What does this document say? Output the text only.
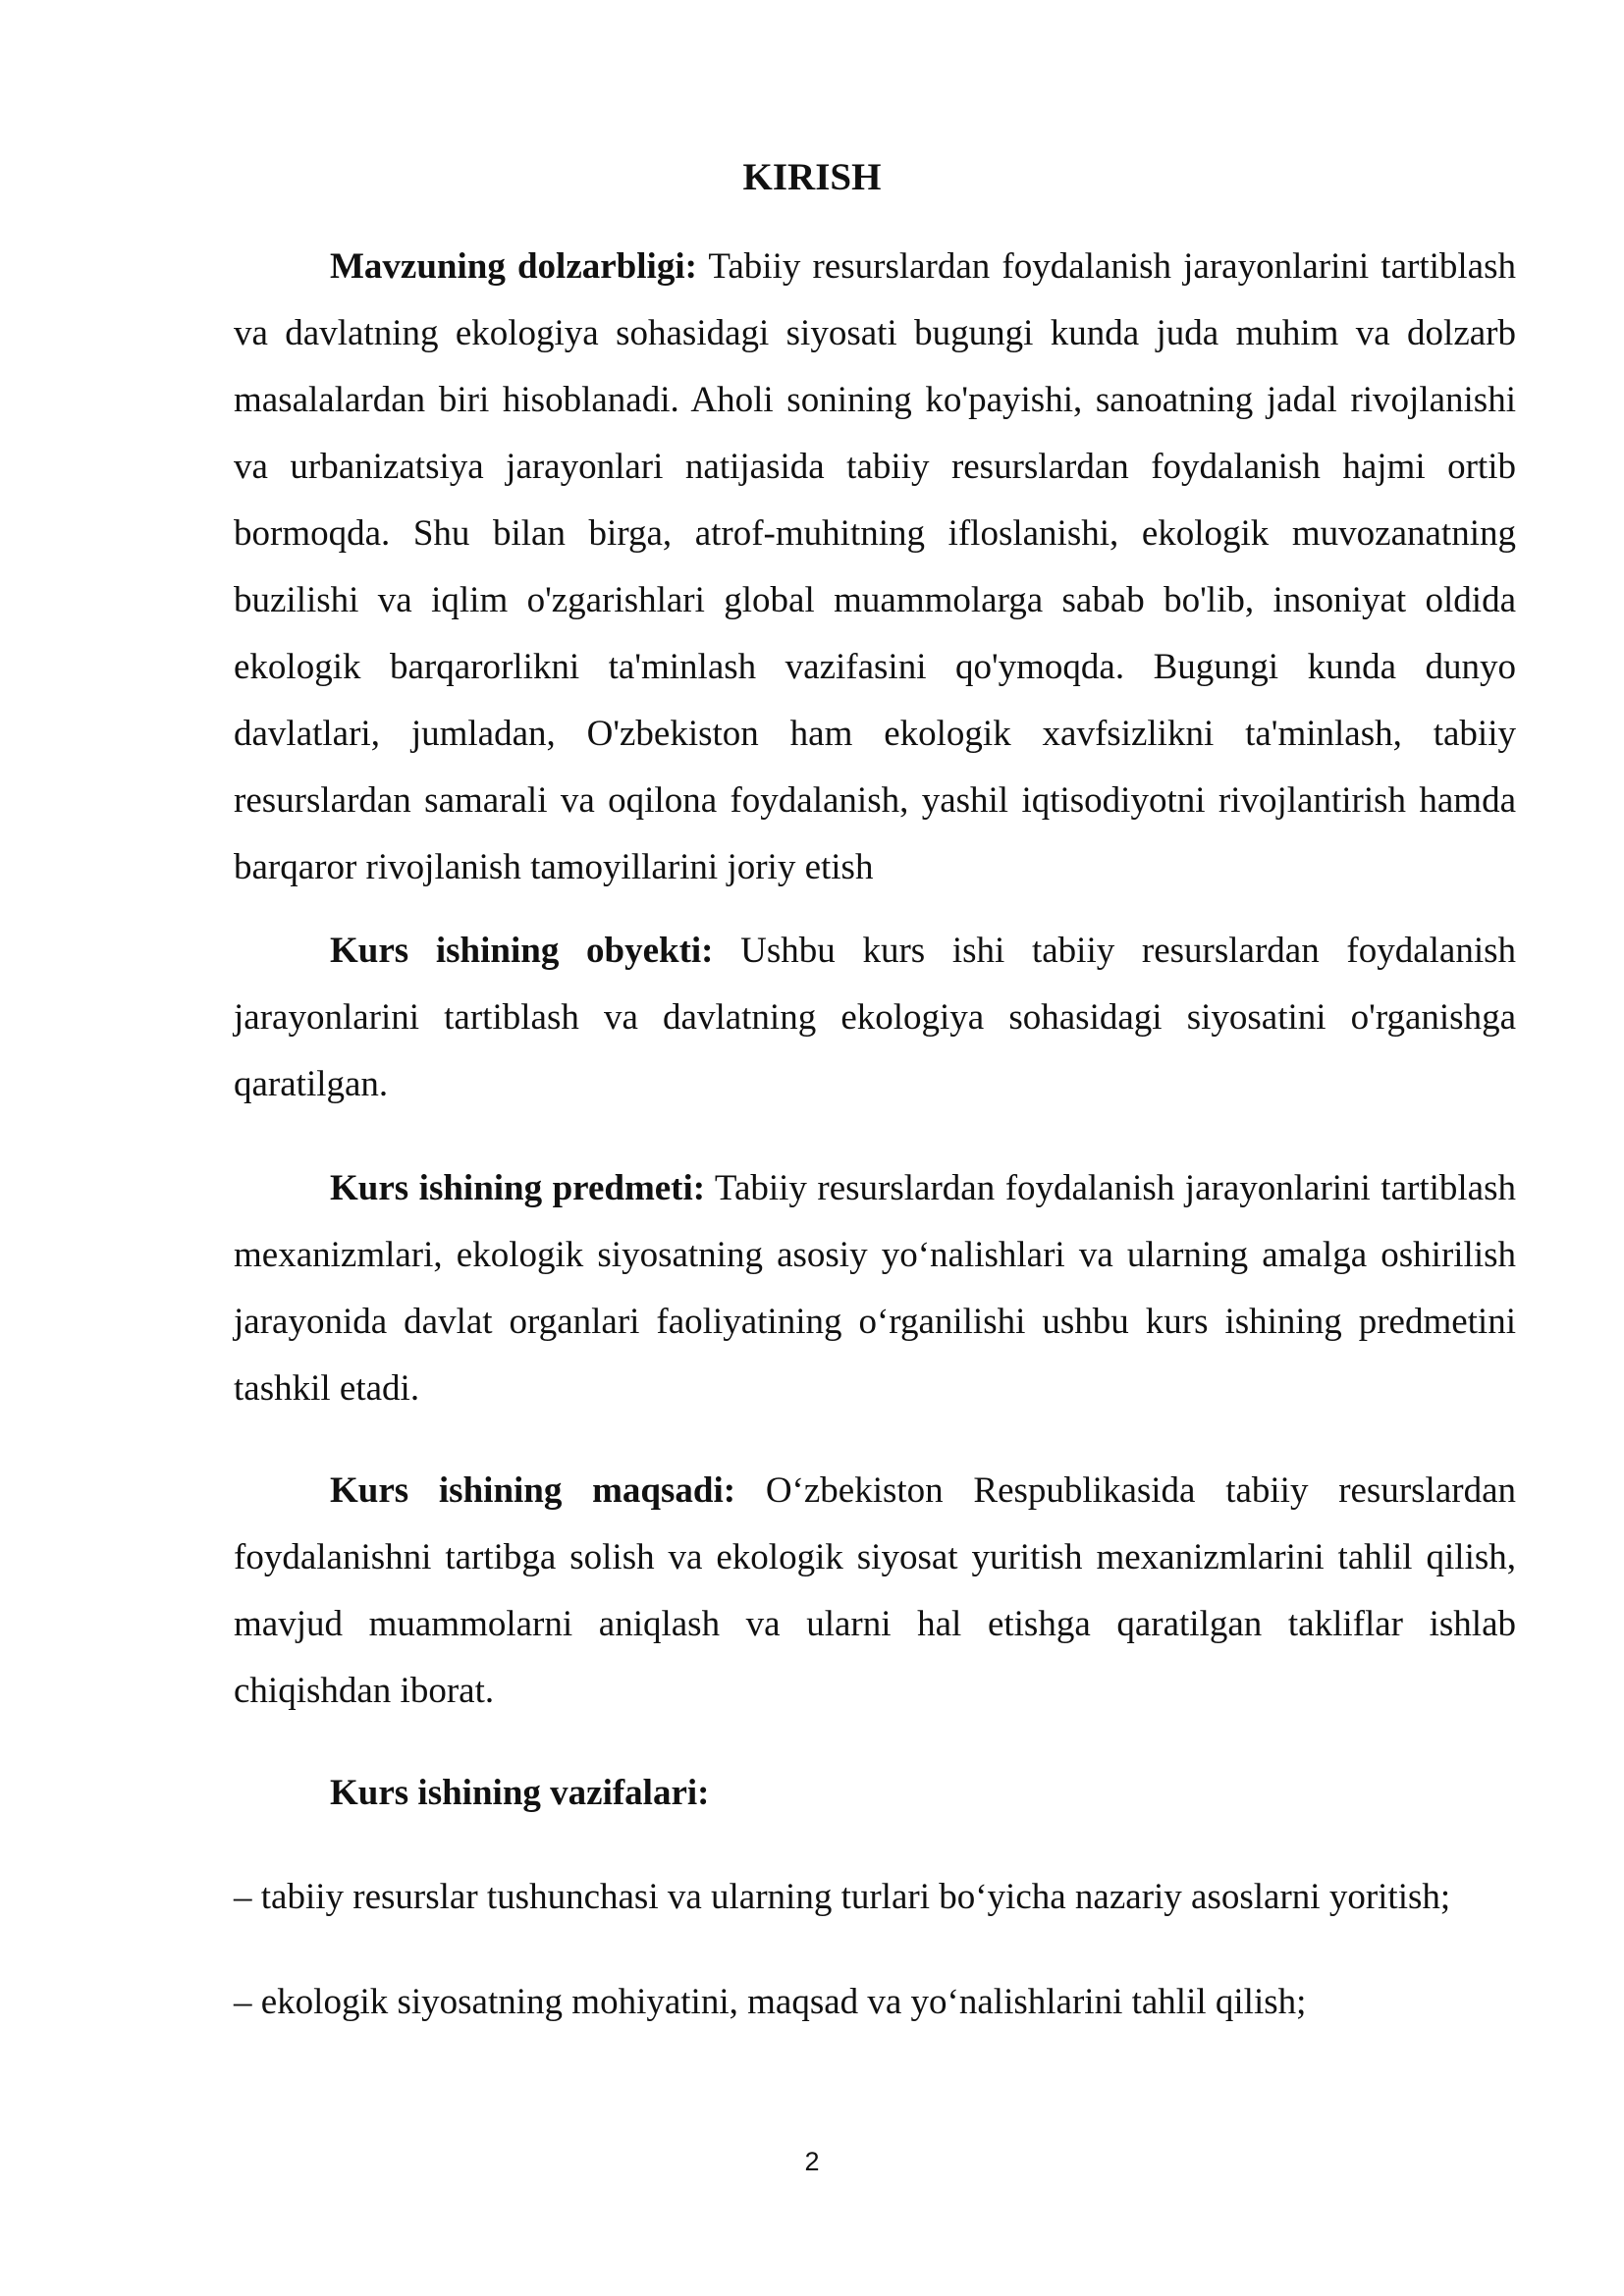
KIRISH

Mavzuning dolzarbligi: Tabiiy resurslardan foydalanish jarayonlarini tartiblash va davlatning ekologiya sohasidagi siyosati bugungi kunda juda muhim va dolzarb masalalardan biri hisoblanadi. Aholi sonining ko'payishi, sanoatning jadal rivojlanishi va urbanizatsiya jarayonlari natijasida tabiiy resurslardan foydalanish hajmi ortib bormoqda. Shu bilan birga, atrof-muhitning ifloslanishi, ekologik muvozanatning buzilishi va iqlim o'zgarishlari global muammolarga sabab bo'lib, insoniyat oldida ekologik barqarorlikni ta'minlash vazifasini qo'ymoqda. Bugungi kunda dunyo davlatlari, jumladan, O'zbekiston ham ekologik xavfsizlikni ta'minlash, tabiiy resurslardan samarali va oqilona foydalanish, yashil iqtisodiyotni rivojlantirish hamda barqaror rivojlanish tamoyillarini joriy etish

Kurs ishining obyekti: Ushbu kurs ishi tabiiy resurslardan foydalanish jarayonlarini tartiblash va davlatning ekologiya sohasidagi siyosatini o'rganishga qaratilgan.

Kurs ishining predmeti: Tabiiy resurslardan foydalanish jarayonlarini tartiblash mexanizmlari, ekologik siyosatning asosiy yo‘nalishlari va ularning amalga oshirilish jarayonida davlat organlari faoliyatining o‘rganilishi ushbu kurs ishining predmetini tashkil etadi.

Kurs ishining maqsadi: O‘zbekiston Respublikasida tabiiy resurslardan foydalanishni tartibga solish va ekologik siyosat yuritish mexanizmlarini tahlil qilish, mavjud muammolarni aniqlash va ularni hal etishga qaratilgan takliflar ishlab chiqishdan iborat.

Kurs ishining vazifalari:

– tabiiy resurslar tushunchasi va ularning turlari bo‘yicha nazariy asoslarni yoritish;

– ekologik siyosatning mohiyatini, maqsad va yo‘nalishlarini tahlil qilish;

2
